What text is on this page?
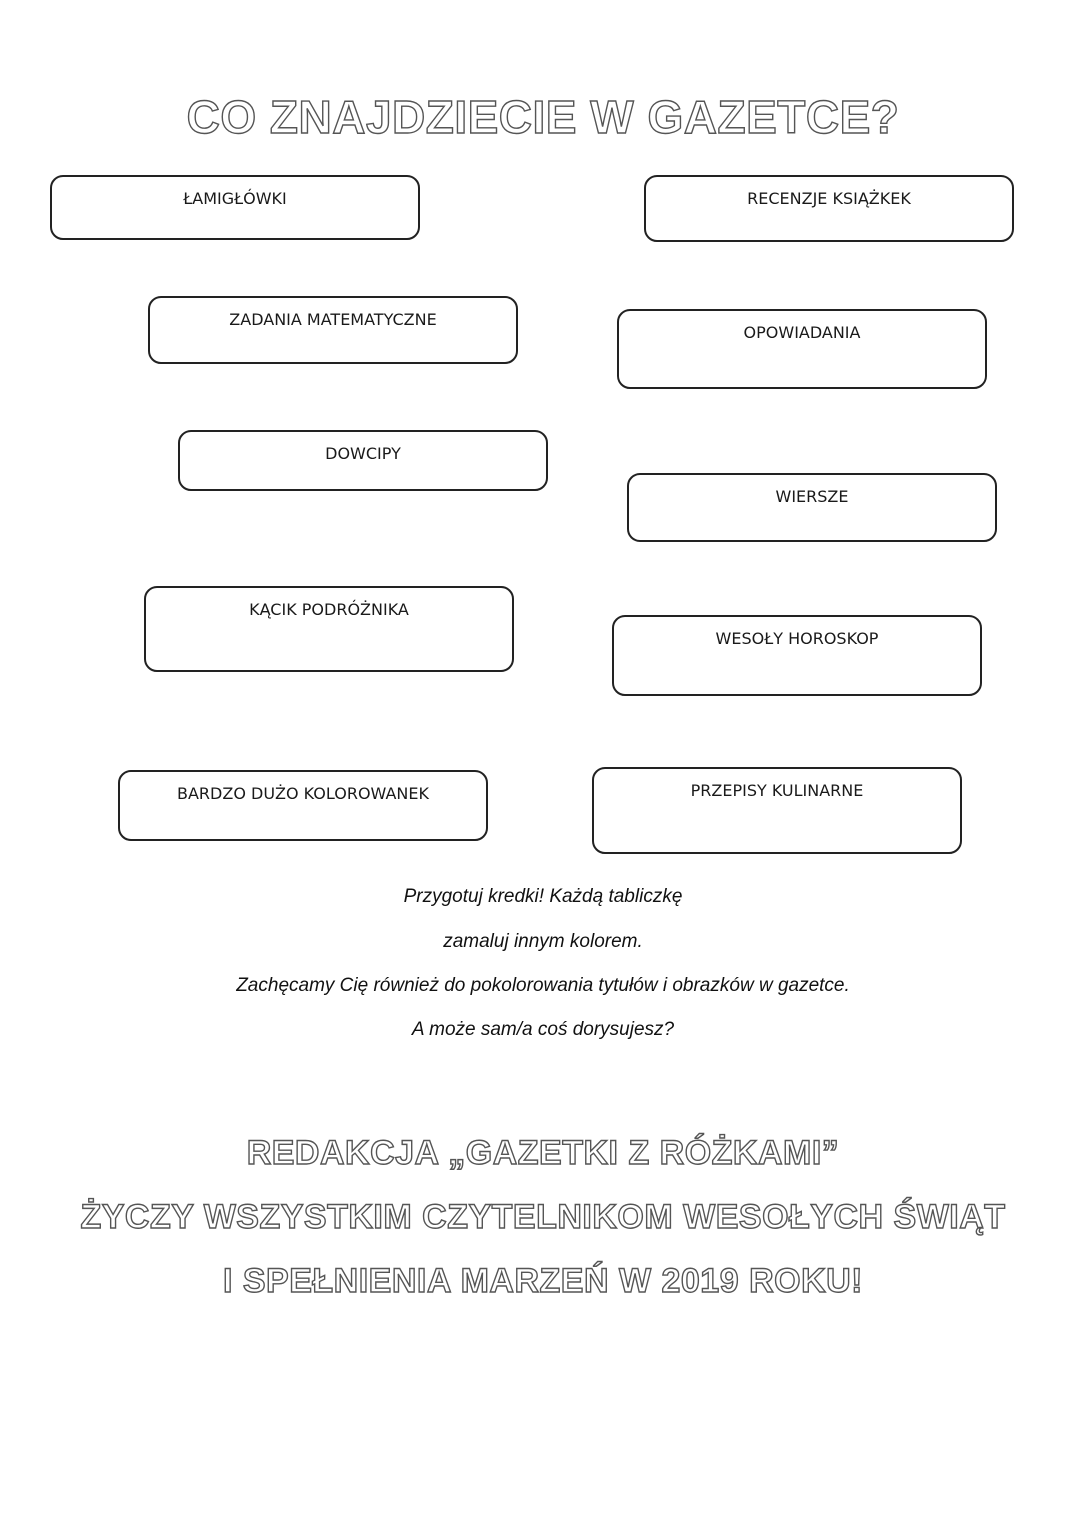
CO ZNAJDZIECIE W GAZETCE?
ŁAMIGŁÓWKI	RECENZJE KSIĄŻKEK
ZADANIA MATEMATYCZNE
OPOWIADANIA
DOWCIPY
WIERSZE
KĄCIK PODRÓŻNIKA
WESOŁY HOROSKOP
BARDZO DUŻO KOLOROWANEK	PRZEPISY KULINARNE
Przygotuj kredki! Każdą tabliczkę
zamaluj innym kolorem.
Zachęcamy Cię również do pokolorowania tytułów i obrazków w gazetce.
A może sam/a coś dorysujesz?
REDAKCJA „GAZETKI Z RÓŻKAMI”
ŻYCZY WSZYSTKIM CZYTELNIKOM WESOŁYCH ŚWIĄT
I SPEŁNIENIA MARZEŃ W 2019 ROKU!
